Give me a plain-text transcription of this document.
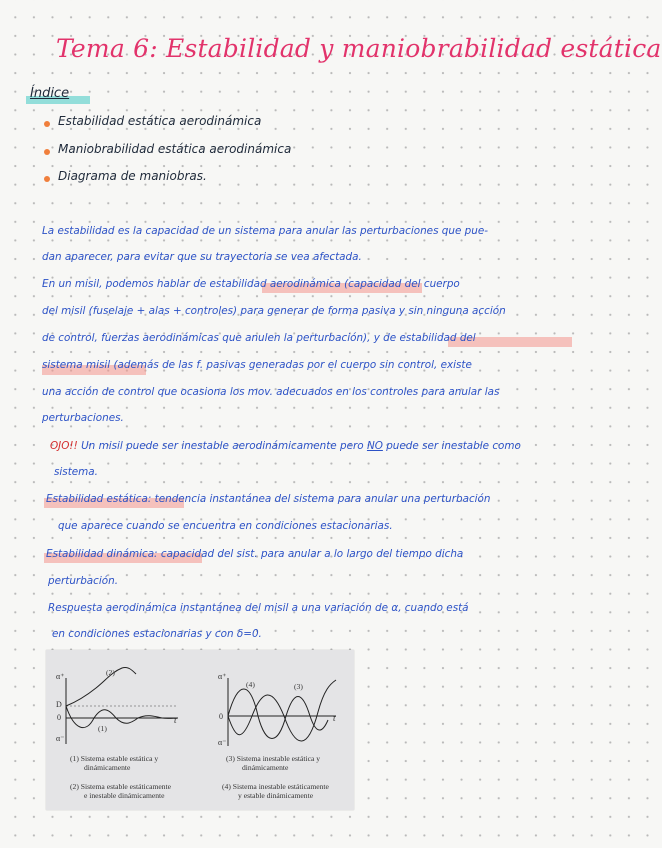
Tema 6: Estabilidad y maniobrabilidad estática
Índice
Estabilidad estática aerodinámica
Maniobrabilidad estática aerodinámica
Diagrama de maniobras.
La estabilidad es la capacidad de un sistema para anular las perturbaciones que pue-
dan aparecer, para evitar que su trayectoria se vea afectada.
En un misil, podemos hablar de estabilidad aerodinámica (capacidad del cuerpo
del misil (fuselaje + alas + controles) para generar de forma pasiva y sin ninguna acción
de control, fuerzas aerodinámicas que anulen la perturbación), y de estabilidad del
sistema misil (además de las f. pasivas generadas por el cuerpo sin control, existe
una acción de control que ocasiona los mov. adecuados en los controles para anular las
perturbaciones.
OJO!! Un misil puede ser inestable aerodinámicamente pero NO puede ser inestable como
sistema.
Estabilidad estática: tendencia instantánea del sistema para anular una perturbación
que aparece cuando se encuentra en condiciones estacionarias.
Estabilidad dinámica: capacidad del sist. para anular a lo largo del tiempo dicha
perturbación.
Respuesta aerodinámica instantánea del misil a una variación de α, cuando está
en condiciones estacionarias y con δ=0.
α⁺
D
0
α⁻
t
(2)
(1)
α⁺
0
α⁻
t
(4)	(3)
(1) Sistema estable estática y
dinámicamente
(2) Sistema estable estáticamente
e inestable dinámicamente
(3) Sistema inestable estática y
dinámicamente
(4) Sistema inestable estáticamente
y estable dinámicamente
